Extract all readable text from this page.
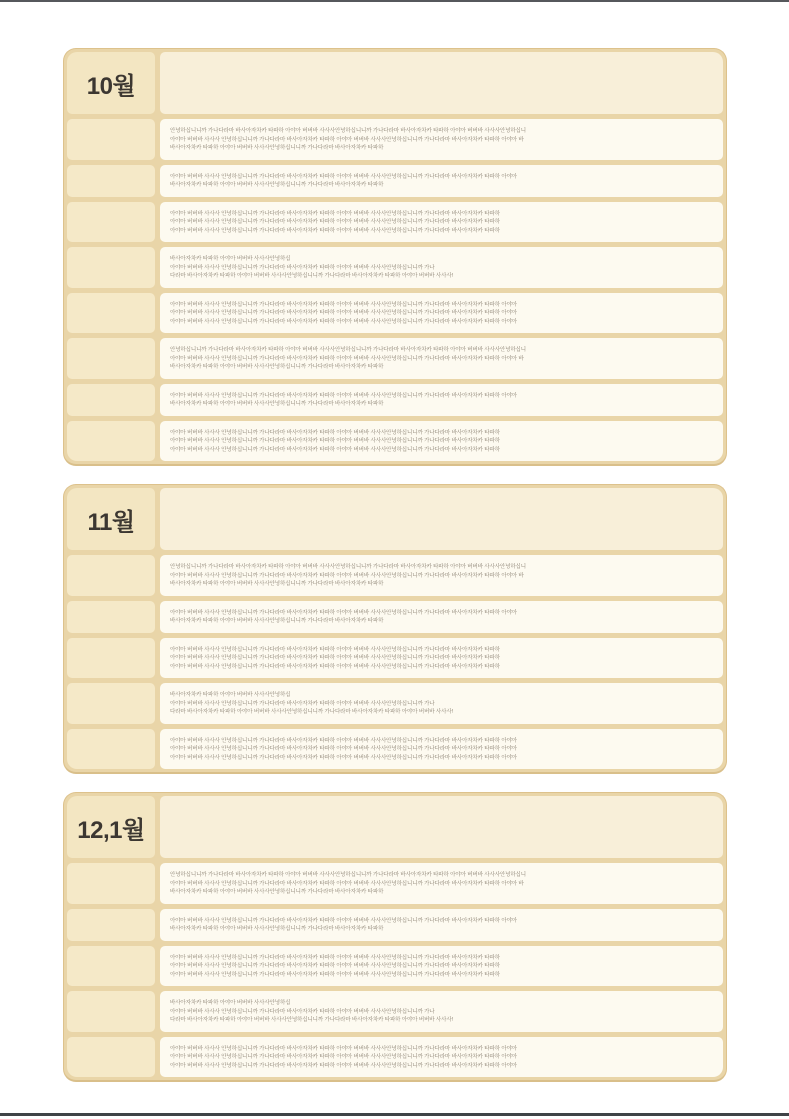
10월

안녕하십니니까 가나다라마 바사아자차카 타파하 아야아 버버바 사사사안녕하십니니까 가나다라마 바사아자차카 타파하 아야아 버버바 사사사안녕하십니

아야아 버버바 사사사 안녕하십니니까 가나다라마 바사아자차카 타파하 아야아 버버바 사사사안녕하십니니까 가나다라마 바사아자차카 타파하 아야아 바

바사아자차카 타파하 아야아 버버바 사사사안녕하십니니까 가나다라마 바사아자차카 타파하

아야아 버버바 사사사 안녕하십니니까 가나다라마 바사아자차카 타파하 아야아 버버바 사사사안녕하십니니까 가나다라마 바사아자차카 타파하 아야아

바사아자차카 타파하 아야아 버버바 사사사안녕하십니니까 가나다라마 바사아자차카 타파하

아야아 버버바 사사사 안녕하십니니까 가나다라마 바사아자차카 타파하 아야아 버버바 사사사안녕하십니니까 가나다라마 바사아자차카 타파하

아야아 버버바 사사사 안녕하십니니까 가나다라마 바사아자차카 타파하 아야아 버버바 사사사안녕하십니니까 가나다라마 바사아자차카 타파하

아야아 버버바 사사사 안녕하십니니까 가나다라마 바사아자차카 타파하 아야아 버버바 사사사안녕하십니니까 가나다라마 바사아자차카 타파하

바사아자차카 타파하 아야아 버버바 사사사안녕하십

아야아 버버바 사사사 안녕하십니니까 가나다라마 바사아자차카 타파하 아야아 버버바 사사사안녕하십니니까 가나

다라마 바사아자차카 타파하 아야아 버버바 사사사안녕하십니니까 가나다라마 바사아자차카 타파하 아야아 버버바 사사사!

아야아 버버바 사사사 안녕하십니니까 가나다라마 바사아자차카 타파하 아야아 버버바 사사사안녕하십니니까 가나다라마 바사아자차카 타파하 아야아

아야아 버버바 사사사 안녕하십니니까 가나다라마 바사아자차카 타파하 아야아 버버바 사사사안녕하십니니까 가나다라마 바사아자차카 타파하 아야아

아야아 버버바 사사사 안녕하십니니까 가나다라마 바사아자차카 타파하 아야아 버버바 사사사안녕하십니니까 가나다라마 바사아자차카 타파하 아야아

안녕하십니니까 가나다라마 바사아자차카 타파하 아야아 버버바 사사사안녕하십니니까 가나다라마 바사아자차카 타파하 아야아 버버바 사사사안녕하십니

아야아 버버바 사사사 안녕하십니니까 가나다라마 바사아자차카 타파하 아야아 버버바 사사사안녕하십니니까 가나다라마 바사아자차카 타파하 아야아 바

바사아자차카 타파하 아야아 버버바 사사사안녕하십니니까 가나다라마 바사아자차카 타파하

아야아 버버바 사사사 안녕하십니니까 가나다라마 바사아자차카 타파하 아야아 버버바 사사사안녕하십니니까 가나다라마 바사아자차카 타파하 아야아

바사아자차카 타파하 아야아 버버바 사사사안녕하십니니까 가나다라마 바사아자차카 타파하

아야아 버버바 사사사 안녕하십니니까 가나다라마 바사아자차카 타파하 아야아 버버바 사사사안녕하십니니까 가나다라마 바사아자차카 타파하

아야아 버버바 사사사 안녕하십니니까 가나다라마 바사아자차카 타파하 아야아 버버바 사사사안녕하십니니까 가나다라마 바사아자차카 타파하

아야아 버버바 사사사 안녕하십니니까 가나다라마 바사아자차카 타파하 아야아 버버바 사사사안녕하십니니까 가나다라마 바사아자차카 타파하

11월

안녕하십니니까 가나다라마 바사아자차카 타파하 아야아 버버바 사사사안녕하십니니까 가나다라마 바사아자차카 타파하 아야아 버버바 사사사안녕하십니

아야아 버버바 사사사 안녕하십니니까 가나다라마 바사아자차카 타파하 아야아 버버바 사사사안녕하십니니까 가나다라마 바사아자차카 타파하 아야아 바

바사아자차카 타파하 아야아 버버바 사사사안녕하십니니까 가나다라마 바사아자차카 타파하

아야아 버버바 사사사 안녕하십니니까 가나다라마 바사아자차카 타파하 아야아 버버바 사사사안녕하십니니까 가나다라마 바사아자차카 타파하 아야아

바사아자차카 타파하 아야아 버버바 사사사안녕하십니니까 가나다라마 바사아자차카 타파하

아야아 버버바 사사사 안녕하십니니까 가나다라마 바사아자차카 타파하 아야아 버버바 사사사안녕하십니니까 가나다라마 바사아자차카 타파하

아야아 버버바 사사사 안녕하십니니까 가나다라마 바사아자차카 타파하 아야아 버버바 사사사안녕하십니니까 가나다라마 바사아자차카 타파하

아야아 버버바 사사사 안녕하십니니까 가나다라마 바사아자차카 타파하 아야아 버버바 사사사안녕하십니니까 가나다라마 바사아자차카 타파하

바사아자차카 타파하 아야아 버버바 사사사안녕하십

아야아 버버바 사사사 안녕하십니니까 가나다라마 바사아자차카 타파하 아야아 버버바 사사사안녕하십니니까 가나

다라마 바사아자차카 타파하 아야아 버버바 사사사안녕하십니니까 가나다라마 바사아자차카 타파하 아야아 버버바 사사사!

아야아 버버바 사사사 안녕하십니니까 가나다라마 바사아자차카 타파하 아야아 버버바 사사사안녕하십니니까 가나다라마 바사아자차카 타파하 아야아

아야아 버버바 사사사 안녕하십니니까 가나다라마 바사아자차카 타파하 아야아 버버바 사사사안녕하십니니까 가나다라마 바사아자차카 타파하 아야아

아야아 버버바 사사사 안녕하십니니까 가나다라마 바사아자차카 타파하 아야아 버버바 사사사안녕하십니니까 가나다라마 바사아자차카 타파하 아야아

12,1월

안녕하십니니까 가나다라마 바사아자차카 타파하 아야아 버버바 사사사안녕하십니니까 가나다라마 바사아자차카 타파하 아야아 버버바 사사사안녕하십니

아야아 버버바 사사사 안녕하십니니까 가나다라마 바사아자차카 타파하 아야아 버버바 사사사안녕하십니니까 가나다라마 바사아자차카 타파하 아야아 바

바사아자차카 타파하 아야아 버버바 사사사안녕하십니니까 가나다라마 바사아자차카 타파하

아야아 버버바 사사사 안녕하십니니까 가나다라마 바사아자차카 타파하 아야아 버버바 사사사안녕하십니니까 가나다라마 바사아자차카 타파하 아야아

바사아자차카 타파하 아야아 버버바 사사사안녕하십니니까 가나다라마 바사아자차카 타파하

아야아 버버바 사사사 안녕하십니니까 가나다라마 바사아자차카 타파하 아야아 버버바 사사사안녕하십니니까 가나다라마 바사아자차카 타파하

아야아 버버바 사사사 안녕하십니니까 가나다라마 바사아자차카 타파하 아야아 버버바 사사사안녕하십니니까 가나다라마 바사아자차카 타파하

아야아 버버바 사사사 안녕하십니니까 가나다라마 바사아자차카 타파하 아야아 버버바 사사사안녕하십니니까 가나다라마 바사아자차카 타파하

바사아자차카 타파하 아야아 버버바 사사사안녕하십

아야아 버버바 사사사 안녕하십니니까 가나다라마 바사아자차카 타파하 아야아 버버바 사사사안녕하십니니까 가나

다라마 바사아자차카 타파하 아야아 버버바 사사사안녕하십니니까 가나다라마 바사아자차카 타파하 아야아 버버바 사사사!

아야아 버버바 사사사 안녕하십니니까 가나다라마 바사아자차카 타파하 아야아 버버바 사사사안녕하십니니까 가나다라마 바사아자차카 타파하 아야아

아야아 버버바 사사사 안녕하십니니까 가나다라마 바사아자차카 타파하 아야아 버버바 사사사안녕하십니니까 가나다라마 바사아자차카 타파하 아야아

아야아 버버바 사사사 안녕하십니니까 가나다라마 바사아자차카 타파하 아야아 버버바 사사사안녕하십니니까 가나다라마 바사아자차카 타파하 아야아
